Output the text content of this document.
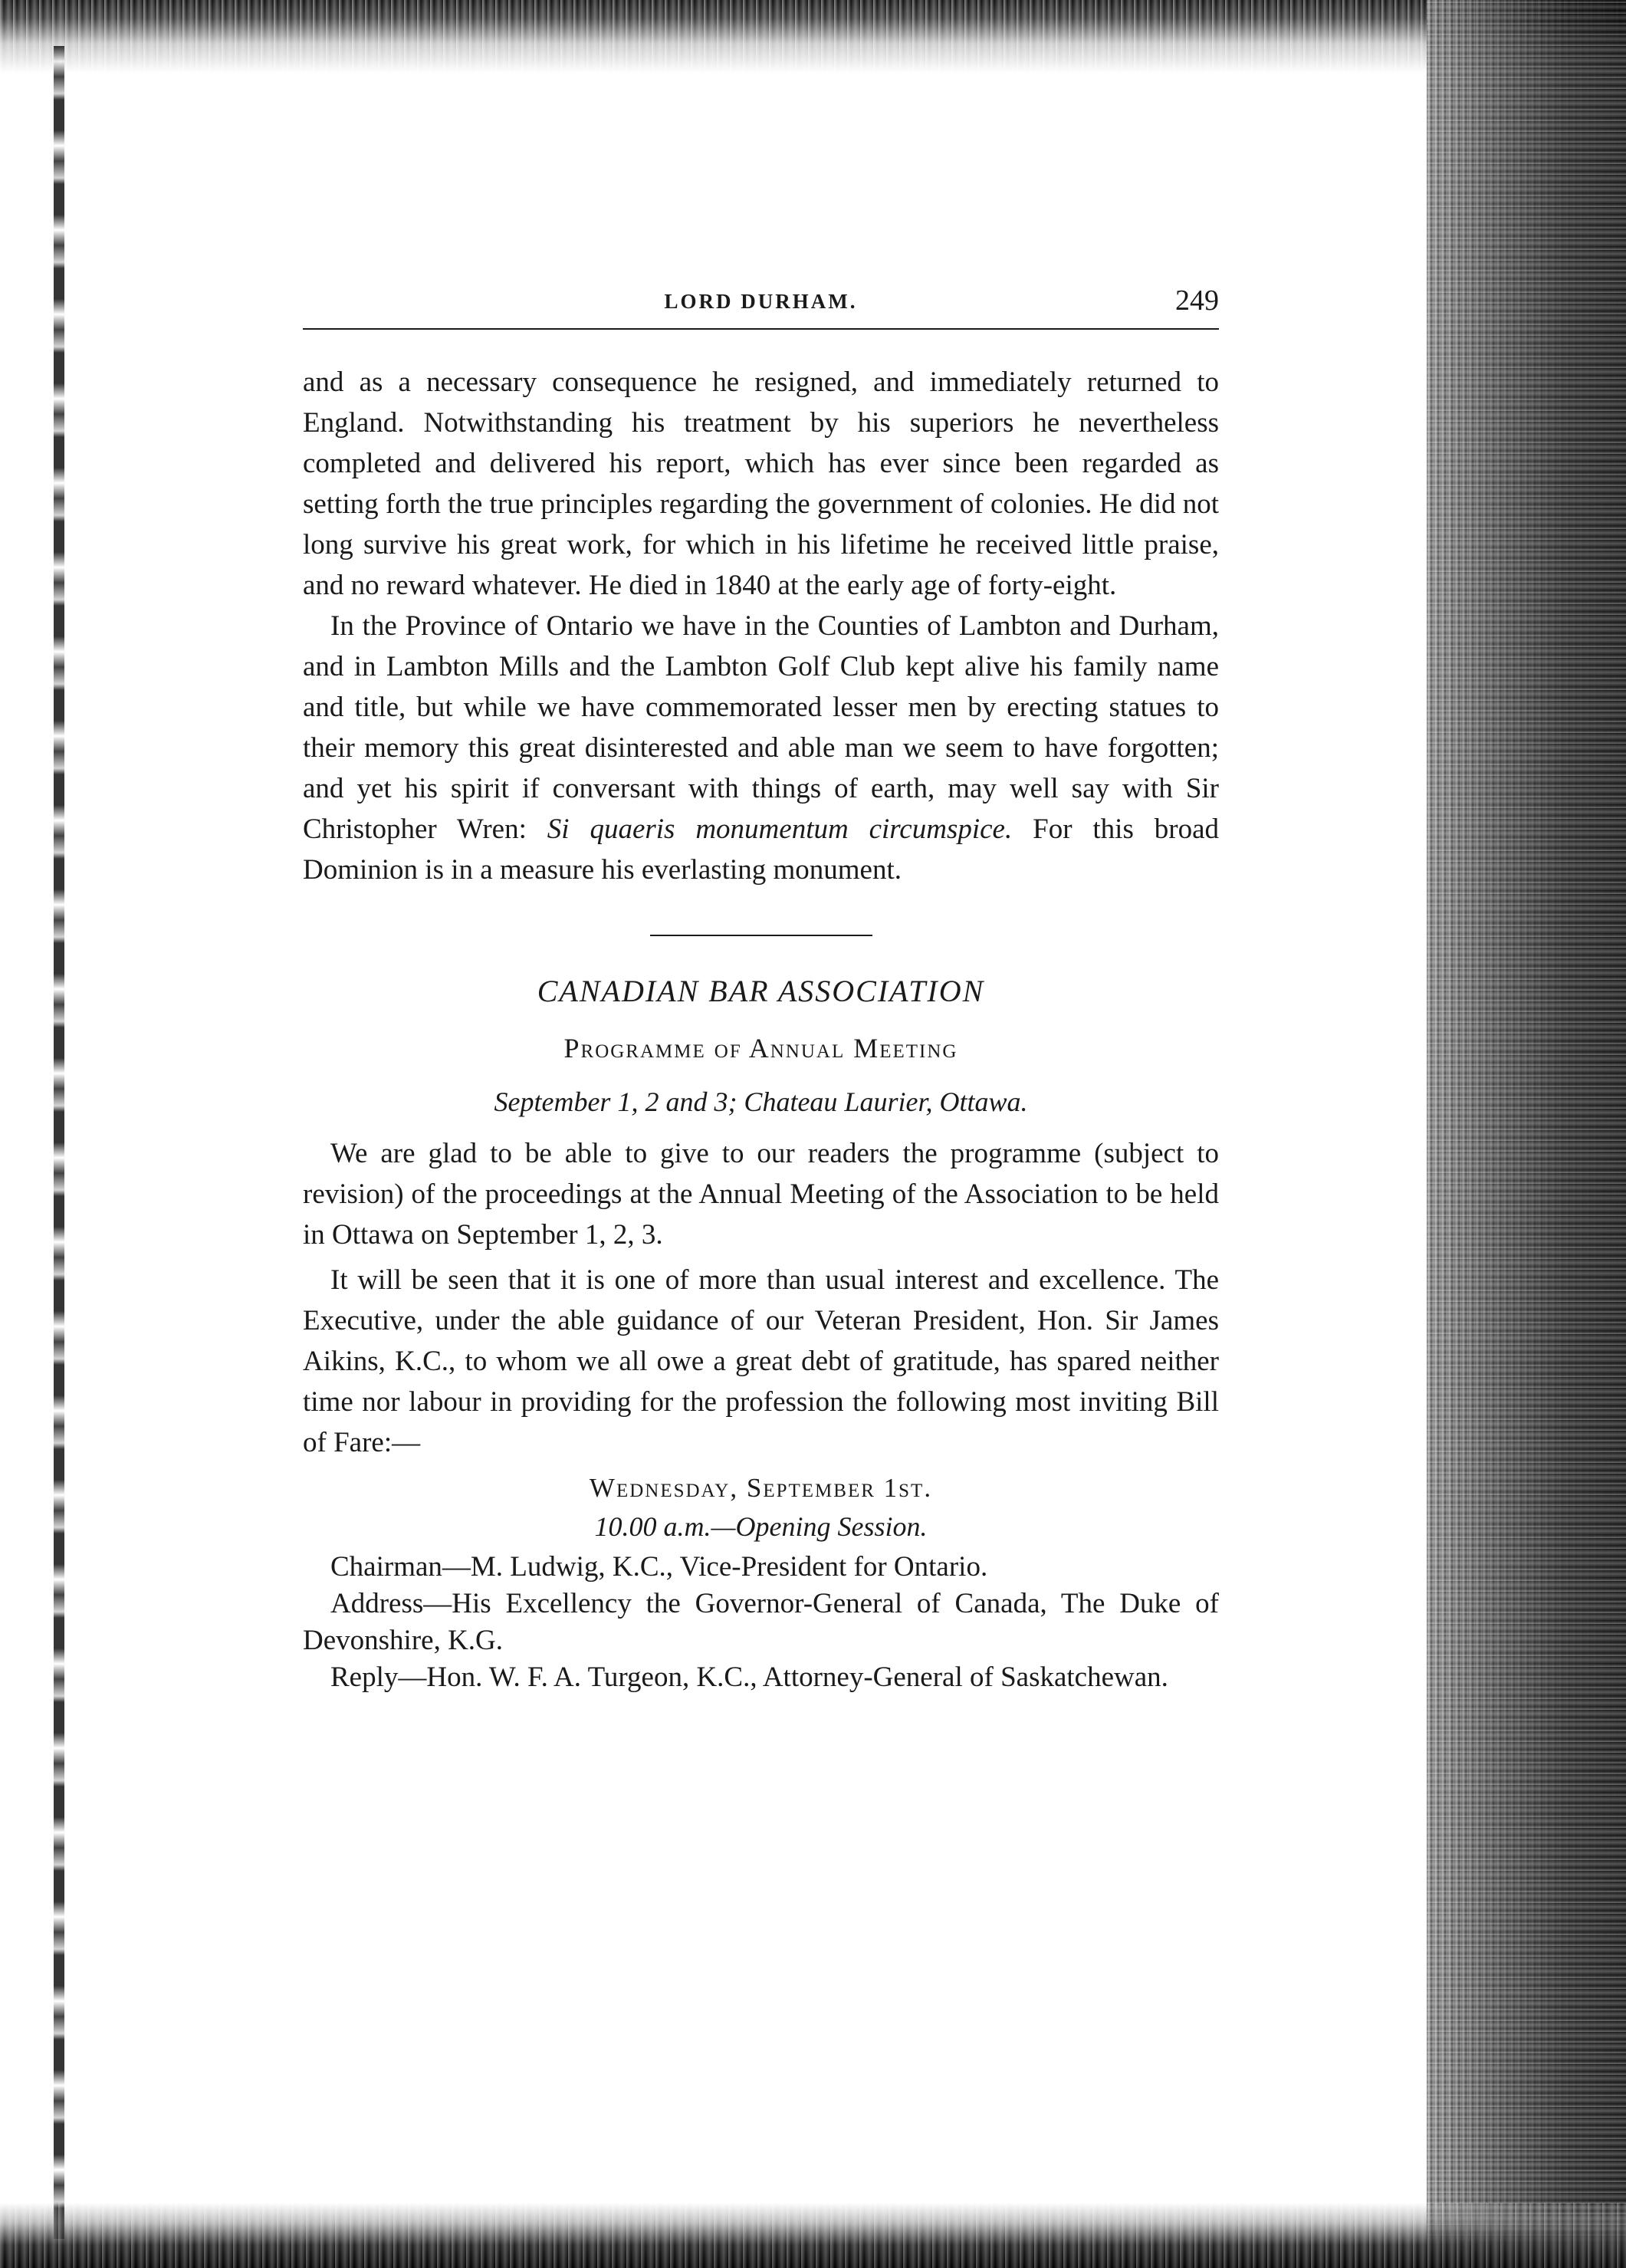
LORD DURHAM.	249

and as a necessary consequence he resigned, and immediately returned to England. Notwithstanding his treatment by his superiors he nevertheless completed and delivered his report, which has ever since been regarded as setting forth the true principles regarding the government of colonies. He did not long survive his great work, for which in his lifetime he received little praise, and no reward whatever. He died in 1840 at the early age of forty-eight.

In the Province of Ontario we have in the Counties of Lambton and Durham, and in Lambton Mills and the Lambton Golf Club kept alive his family name and title, but while we have commemorated lesser men by erecting statues to their memory this great disinterested and able man we seem to have forgotten; and yet his spirit if conversant with things of earth, may well say with Sir Christopher Wren: Si quaeris monumentum circumspice. For this broad Dominion is in a measure his everlasting monument.

CANADIAN BAR ASSOCIATION
Programme of Annual Meeting
September 1, 2 and 3; Chateau Laurier, Ottawa.

We are glad to be able to give to our readers the programme (subject to revision) of the proceedings at the Annual Meeting of the Association to be held in Ottawa on September 1, 2, 3.

It will be seen that it is one of more than usual interest and excellence. The Executive, under the able guidance of our Veteran President, Hon. Sir James Aikins, K.C., to whom we all owe a great debt of gratitude, has spared neither time nor labour in providing for the profession the following most inviting Bill of Fare:—

Wednesday, September 1st.
10.00 a.m.—Opening Session.
Chairman—M. Ludwig, K.C., Vice-President for Ontario.
Address—His Excellency the Governor-General of Canada, The Duke of Devonshire, K.G.
Reply—Hon. W. F. A. Turgeon, K.C., Attorney-General of Saskatchewan.
